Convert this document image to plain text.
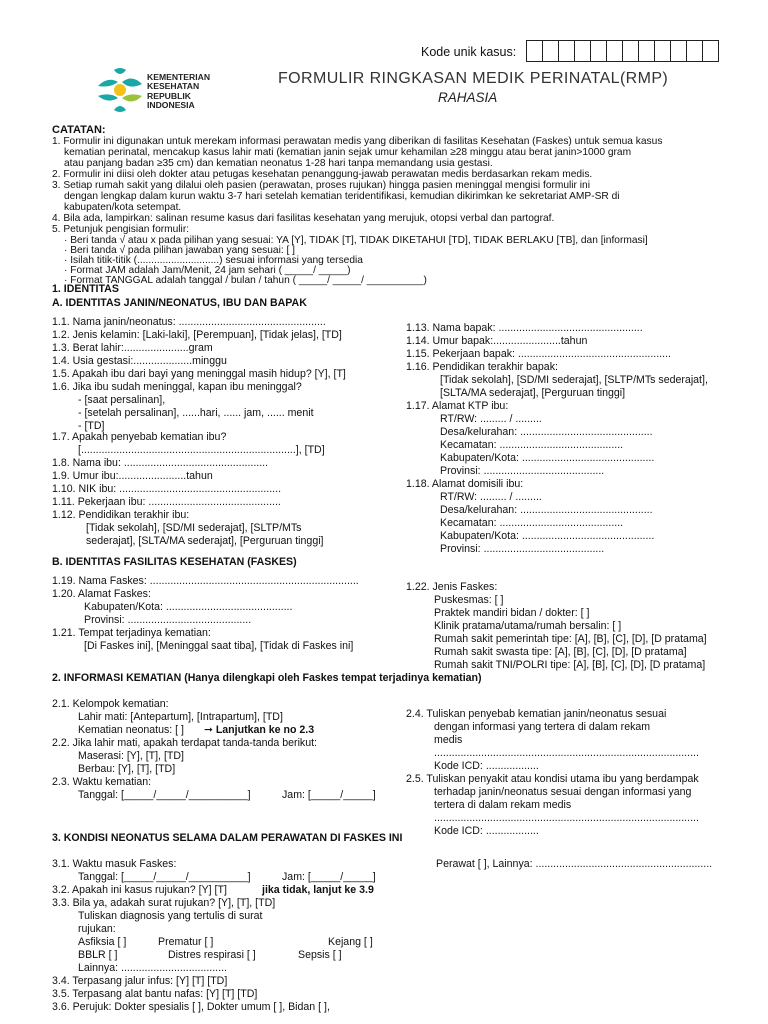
Kode unik kasus:
KEMENTERIAN
KESEHATAN
REPUBLIK
INDONESIA
FORMULIR RINGKASAN MEDIK PERINATAL(RMP)
RAHASIA
CATATAN:
1. Formulir ini digunakan untuk merekam informasi perawatan medis yang diberikan di fasilitas Kesehatan (Faskes) untuk semua kasus
kematian perinatal, mencakup kasus lahir mati (kematian janin sejak umur kehamilan ≥28 minggu atau berat janin>1000 gram
atau panjang badan ≥35 cm) dan kematian neonatus 1-28 hari tanpa memandang usia gestasi.
2. Formulir ini diisi oleh dokter atau petugas kesehatan penanggung-jawab perawatan medis berdasarkan rekam medis.
3. Setiap rumah sakit yang dilalui oleh pasien (perawatan, proses rujukan) hingga pasien meninggal mengisi formulir ini
dengan lengkap dalam kurun waktu 3-7 hari setelah kematian teridentifikasi, kemudian dikirimkan ke sekretariat AMP-SR di
kabupaten/kota setempat.
4. Bila ada, lampirkan: salinan resume kasus dari fasilitas kesehatan yang merujuk, otopsi verbal dan partograf.
5. Petunjuk pengisian formulir:
· Beri tanda √ atau x pada pilihan yang sesuai: YA [Y], TIDAK [T], TIDAK DIKETAHUI [TD], TIDAK BERLAKU [TB], dan [informasi]
· Beri tanda √ pada pilihan jawaban yang sesuai: [ ]
· Isilah titik-titik (.............................) sesuai informasi yang tersedia
· Format JAM adalah Jam/Menit, 24 jam sehari ( _____/ _____)
· Format TANGGAL adalah tanggal / bulan / tahun ( _____/ _____/ __________)
1. IDENTITAS
A. IDENTITAS JANIN/NEONATUS, IBU DAN BAPAK
1.1. Nama janin/neonatus: ..................................................
1.2. Jenis kelamin: [Laki-laki], [Perempuan], [Tidak jelas], [TD]
1.3. Berat lahir:......................gram
1.4. Usia gestasi:....................minggu
1.5. Apakah ibu dari bayi yang meninggal masih hidup? [Y], [T]
1.6. Jika ibu sudah meninggal, kapan ibu meninggal?
- [saat persalinan],
- [setelah persalinan], ......hari, ...... jam, ...... menit
- [TD]
1.7. Apakah penyebab kematian ibu?
[.........................................................................], [TD]
1.8. Nama ibu: .................................................
1.9. Umur ibu:.......................tahun
1.10. NIK ibu: .......................................................
1.11. Pekerjaan ibu: .............................................
1.12. Pendidikan terakhir ibu:
[Tidak sekolah], [SD/MI sederajat], [SLTP/MTs
sederajat], [SLTA/MA sederajat], [Perguruan tinggi]
1.13. Nama bapak: .................................................
1.14. Umur bapak:.......................tahun
1.15. Pekerjaan bapak: ....................................................
1.16. Pendidikan terakhir bapak:
[Tidak sekolah], [SD/MI sederajat], [SLTP/MTs sederajat],
[SLTA/MA sederajat], [Perguruan tinggi]
1.17. Alamat KTP ibu:
RT/RW: ......... / .........
Desa/kelurahan: .............................................
Kecamatan: ..........................................
Kabupaten/Kota: .............................................
Provinsi: .........................................
1.18. Alamat domisili ibu:
RT/RW: ......... / .........
Desa/kelurahan: .............................................
Kecamatan: ..........................................
Kabupaten/Kota: .............................................
Provinsi: .........................................
B. IDENTITAS FASILITAS KESEHATAN (FASKES)
1.19. Nama Faskes: .......................................................................
1.20. Alamat Faskes:
Kabupaten/Kota: ...........................................
Provinsi: ..........................................
1.21. Tempat terjadinya kematian:
[Di Faskes ini], [Meninggal saat tiba], [Tidak di Faskes ini]
1.22. Jenis Faskes:
Puskesmas: [ ]
Praktek mandiri bidan / dokter: [ ]
Klinik pratama/utama/rumah bersalin: [ ]
Rumah sakit pemerintah tipe: [A], [B], [C], [D], [D pratama]
Rumah sakit swasta tipe: [A], [B], [C], [D], [D pratama]
Rumah sakit TNI/POLRI tipe: [A], [B], [C], [D], [D pratama]
2. INFORMASI KEMATIAN (Hanya dilengkapi oleh Faskes tempat terjadinya kematian)
2.1. Kelompok kematian:
Lahir mati: [Antepartum], [Intrapartum], [TD]
Kematian neonatus: [ ] ➞ Lanjutkan ke no 2.3
2.2. Jika lahir mati, apakah terdapat tanda-tanda berikut:
Maserasi: [Y], [T], [TD]
Berbau: [Y], [T], [TD]
2.3. Waktu kematian:
Tanggal: [_____/_____/__________]	Jam: [_____/_____]
2.4. Tuliskan penyebab kematian janin/neonatus sesuai
dengan informasi yang tertera di dalam rekam
medis
..........................................................................................
Kode ICD: ..................
2.5. Tuliskan penyakit atau kondisi utama ibu yang berdampak
terhadap janin/neonatus sesuai dengan informasi yang
tertera di dalam rekam medis
..........................................................................................
Kode ICD: ..................
3. KONDISI NEONATUS SELAMA DALAM PERAWATAN DI FASKES INI
3.1. Waktu masuk Faskes:
Tanggal: [_____/_____/__________]	Jam: [_____/_____]
3.2. Apakah ini kasus rujukan? [Y] [T]	jika tidak, lanjut ke 3.9
3.3. Bila ya, adakah surat rujukan? [Y], [T], [TD]
Tuliskan diagnosis yang tertulis di surat
rujukan:
Asfiksia [ ]	Prematur [ ]	Kejang [ ]
BBLR [ ]	Distres respirasi [ ]	Sepsis [ ]
Lainnya: ....................................
3.4. Terpasang jalur infus: [Y] [T] [TD]
3.5. Terpasang alat bantu nafas: [Y] [T] [TD]
3.6. Perujuk: Dokter spesialis [ ], Dokter umum [ ], Bidan [ ],
Perawat [ ], Lainnya: ............................................................
